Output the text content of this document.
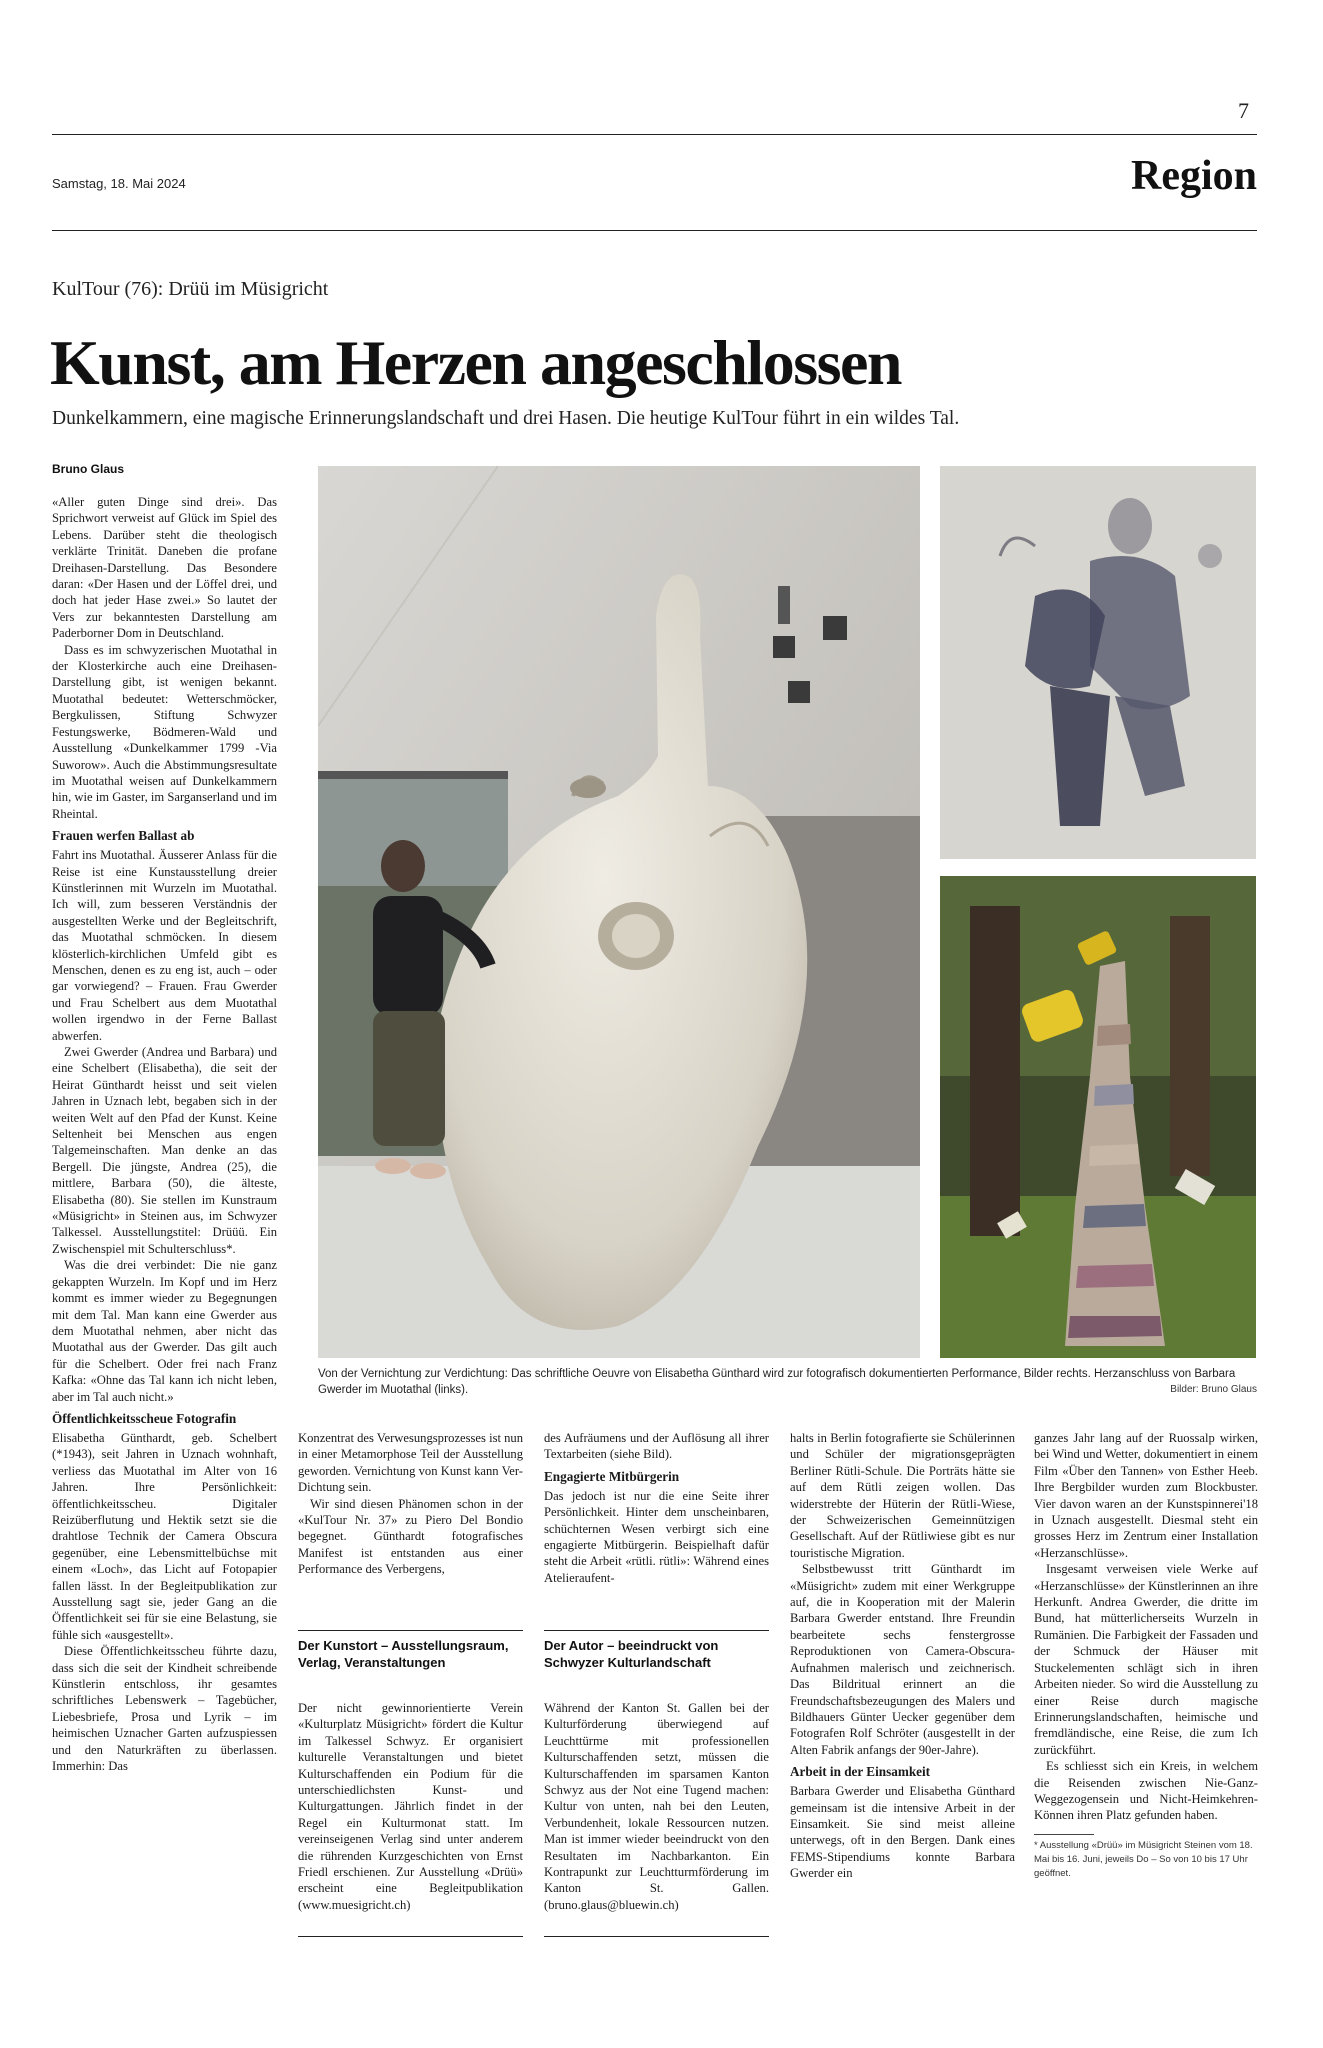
7
Samstag, 18. Mai 2024	Region
KulTour (76): Drüü im Müsigricht
Kunst, am Herzen angeschlossen
Dunkelkammern, eine magische Erinnerungslandschaft und drei Hasen. Die heutige KulTour führt in ein wildes Tal.
Bruno Glaus

«Aller guten Dinge sind drei». Das Sprichwort verweist auf Glück im Spiel des Lebens. Darüber steht die theologisch verklärte Trinität. Daneben die profane Dreihasen-Darstellung. Das Besondere daran: «Der Hasen und der Löffel drei, und doch hat jeder Hase zwei.» So lautet der Vers zur bekanntesten Darstellung am Paderborner Dom in Deutschland.

Dass es im schwyzerischen Muotathal in der Klosterkirche auch eine Dreihasen-Darstellung gibt, ist wenigen bekannt. Muotathal bedeutet: Wetterschmöcker, Bergkulissen, Stiftung Schwyzer Festungswerke, Bödmeren-Wald und Ausstellung «Dunkelkammer 1799 -Via Suworow». Auch die Abstimmungsresultate im Muotathal weisen auf Dunkelkammern hin, wie im Gaster, im Sarganserland und im Rheintal.

Frauen werfen Ballast ab

Fahrt ins Muotathal. Äusserer Anlass für die Reise ist eine Kunstausstellung dreier Künstlerinnen mit Wurzeln im Muotathal. Ich will, zum besseren Verständnis der ausgestellten Werke und der Begleitschrift, das Muotathal schmöcken. In diesem klösterlich-kirchlichen Umfeld gibt es Menschen, denen es zu eng ist, auch – oder gar vorwiegend? – Frauen. Frau Gwerder und Frau Schelbert aus dem Muotathal wollen irgendwo in der Ferne Ballast abwerfen.

Zwei Gwerder (Andrea und Barbara) und eine Schelbert (Elisabetha), die seit der Heirat Günthardt heisst und seit vielen Jahren in Uznach lebt, begaben sich in der weiten Welt auf den Pfad der Kunst. Keine Seltenheit bei Menschen aus engen Talgemeinschaften. Man denke an das Bergell. Die jüngste, Andrea (25), die mittlere, Barbara (50), die älteste, Elisabetha (80). Sie stellen im Kunstraum «Müsigricht» in Steinen aus, im Schwyzer Talkessel. Ausstellungstitel: Drüüü. Ein Zwischenspiel mit Schulterschluss*.

Was die drei verbindet: Die nie ganz gekappten Wurzeln. Im Kopf und im Herz kommt es immer wieder zu Begegnungen mit dem Tal. Man kann eine Gwerder aus dem Muotathal nehmen, aber nicht das Muotathal aus der Gwerder. Das gilt auch für die Schelbert. Oder frei nach Franz Kafka: «Ohne das Tal kann ich nicht leben, aber im Tal auch nicht.»

Öffentlichkeitsscheue Fotografin

Elisabetha Günthardt, geb. Schelbert (*1943), seit Jahren in Uznach wohnhaft, verliess das Muotathal im Alter von 16 Jahren. Ihre Persönlichkeit: öffentlichkeitsscheu. Digitaler Reizüberflutung und Hektik setzt sie die drahtlose Technik der Camera Obscura gegenüber, eine Lebensmittelbüchse mit einem «Loch», das Licht auf Fotopapier fallen lässt. In der Begleitpublikation zur Ausstellung sagt sie, jeder Gang an die Öffentlichkeit sei für sie eine Belastung, sie fühle sich «ausgestellt».

Diese Öffentlichkeitsscheu führte dazu, dass sich die seit der Kindheit schreibende Künstlerin entschloss, ihr gesamtes schriftliches Lebenswerk – Tagebücher, Liebesbriefe, Prosa und Lyrik – im heimischen Uznacher Garten aufzuspiessen und den Naturkräften zu überlassen. Immerhin: Das

Von der Vernichtung zur Verdichtung: Das schriftliche Oeuvre von Elisabetha Günthard wird zur fotografisch dokumentierten Performance, Bilder rechts. Herzanschluss von Barbara Gwerder im Muotathal (links).	Bilder: Bruno Glaus

Konzentrat des Verwesungsprozesses ist nun in einer Metamorphose Teil der Ausstellung geworden. Vernichtung von Kunst kann Ver-Dichtung sein.

Wir sind diesen Phänomen schon in der «KulTour Nr. 37» zu Piero Del Bondio begegnet. Günthardt fotografisches Manifest ist entstanden aus einer Performance des Verbergens,

des Aufräumens und der Auflösung all ihrer Textarbeiten (siehe Bild).

Engagierte Mitbürgerin

Das jedoch ist nur die eine Seite ihrer Persönlichkeit. Hinter dem unscheinbaren, schüchternen Wesen verbirgt sich eine engagierte Mitbürgerin. Beispielhaft dafür steht die Arbeit «rütli. rütli»: Während eines Atelieraufent-

Der Kunstort – Ausstellungsraum, Verlag, Veranstaltungen

Der nicht gewinnorientierte Verein «Kulturplatz Müsigricht» fördert die Kultur im Talkessel Schwyz. Er organisiert kulturelle Veranstaltungen und bietet Kulturschaffenden ein Podium für die unterschiedlichsten Kunst- und Kulturgattungen. Jährlich findet in der Regel ein Kulturmonat statt. Im vereinseigenen Verlag sind unter anderem die rührenden Kurzgeschichten von Ernst Friedl erschienen. Zur Ausstellung «Drüü» erscheint eine Begleitpublikation (www.muesigricht.ch)

Der Autor – beeindruckt von Schwyzer Kulturlandschaft

Während der Kanton St. Gallen bei der Kulturförderung überwiegend auf Leuchttürme mit professionellen Kulturschaffenden setzt, müssen die Kulturschaffenden im sparsamen Kanton Schwyz aus der Not eine Tugend machen: Kultur von unten, nah bei den Leuten, Verbundenheit, lokale Ressourcen nutzen. Man ist immer wieder beeindruckt von den Resultaten im Nachbarkanton. Ein Kontrapunkt zur Leuchtturmförderung im Kanton St. Gallen. (bruno.glaus@bluewin.ch)

halts in Berlin fotografierte sie Schülerinnen und Schüler der migrationsgeprägten Berliner Rütli-Schule. Die Porträts hätte sie auf dem Rütli zeigen wollen. Das widerstrebte der Hüterin der Rütli-Wiese, der Schweizerischen Gemeinnützigen Gesellschaft. Auf der Rütliwiese gibt es nur touristische Migration.

Selbstbewusst tritt Günthardt im «Müsigricht» zudem mit einer Werkgruppe auf, die in Kooperation mit der Malerin Barbara Gwerder entstand. Ihre Freundin bearbeitete sechs fenstergrosse Reproduktionen von Camera-Obscura-Aufnahmen malerisch und zeichnerisch. Das Bildritual erinnert an die Freundschaftsbezeugungen des Malers und Bildhauers Günter Uecker gegenüber dem Fotografen Rolf Schröter (ausgestellt in der Alten Fabrik anfangs der 90er-Jahre).

Arbeit in der Einsamkeit

Barbara Gwerder und Elisabetha Günthard gemeinsam ist die intensive Arbeit in der Einsamkeit. Sie sind meist alleine unterwegs, oft in den Bergen. Dank eines FEMS-Stipendiums konnte Barbara Gwerder ein

ganzes Jahr lang auf der Ruossalp wirken, bei Wind und Wetter, dokumentiert in einem Film «Über den Tannen» von Esther Heeb. Ihre Bergbilder wurden zum Blockbuster. Vier davon waren an der Kunstspinnerei'18 in Uznach ausgestellt. Diesmal steht ein grosses Herz im Zentrum einer Installation «Herzanschlüsse».

Insgesamt verweisen viele Werke auf «Herzanschlüsse» der Künstlerinnen an ihre Herkunft. Andrea Gwerder, die dritte im Bund, hat mütterlicherseits Wurzeln in Rumänien. Die Farbigkeit der Fassaden und der Schmuck der Häuser mit Stuckelementen schlägt sich in ihren Arbeiten nieder. So wird die Ausstellung zu einer Reise durch magische Erinnerungslandschaften, heimische und fremdländische, eine Reise, die zum Ich zurückführt.

Es schliesst sich ein Kreis, in welchem die Reisenden zwischen Nie-Ganz-Weggezogensein und Nicht-Heimkehren-Können ihren Platz gefunden haben.

* Ausstellung «Drüü» im Müsigricht Steinen vom 18. Mai bis 16. Juni, jeweils Do – So von 10 bis 17 Uhr geöffnet.
